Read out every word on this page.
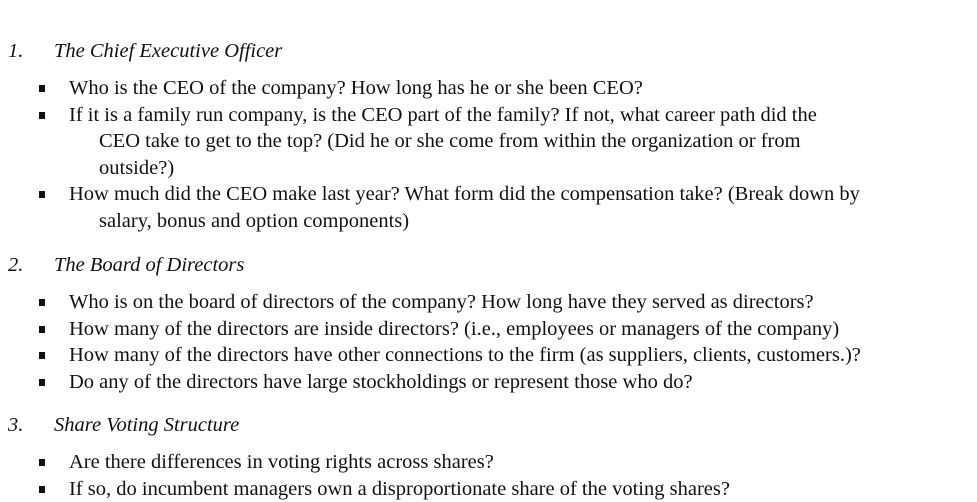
1. The Chief Executive Officer
Who is the CEO of the company? How long has he or she been CEO?
If it is a family run company, is the CEO part of the family? If not, what career path did the
CEO take to get to the top? (Did he or she come from within the organization or from
outside?)
How much did the CEO make last year? What form did the compensation take? (Break down by
salary, bonus and option components)
2. The Board of Directors
Who is on the board of directors of the company? How long have they served as directors?
How many of the directors are inside directors? (i.e., employees or managers of the company)
How many of the directors have other connections to the firm (as suppliers, clients, customers.)?
Do any of the directors have large stockholdings or represent those who do?
3. Share Voting Structure
Are there differences in voting rights across shares?
If so, do incumbent managers own a disproportionate share of the voting shares?
